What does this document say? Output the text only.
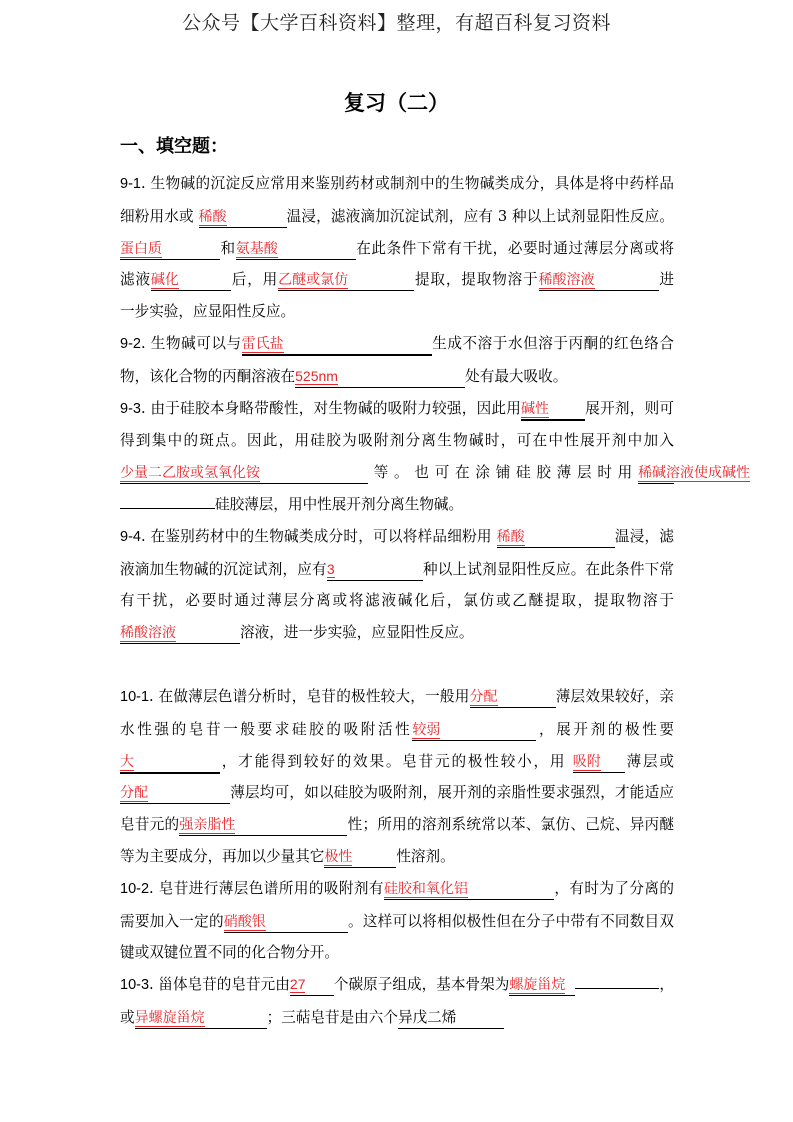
公众号【大学百科资料】整理，有超百科复习资料
复习（二）
一、填空题：

9-1. 生物碱的沉淀反应常用来鉴别药材或制剂中的生物碱类成分，具体是将中药样品细粉用水或 稀酸	温浸，滤液滴加沉淀试剂，应有 3 种以上试剂显阳性反应。蛋白质	和氨基酸	在此条件下常有干扰，必要时通过薄层分离或将滤液碱化	后，用乙醚或氯仿	提取，提取物溶于稀酸溶液	进一步实验，应显阳性反应。

9-2. 生物碱可以与雷氏盐	生成不溶于水但溶于丙酮的红色络合物，该化合物的丙酮溶液在525nm	处有最大吸收。

9-3. 由于硅胶本身略带酸性，对生物碱的吸附力较强，因此用碱性 展开剂，则可得到集中的斑点。因此，用硅胶为吸附剂分离生物碱时，可在中性展开剂中加入少量二乙胺或氢氧化铵	等。也可在涂铺硅胶薄层时用稀碱溶液使成碱性硅胶薄层，用中性展开剂分离生物碱。

9-4. 在鉴别药材中的生物碱类成分时，可以将样品细粉用 稀酸	温浸，滤液滴加生物碱的沉淀试剂，应有3	种以上试剂显阳性反应。在此条件下常有干扰，必要时通过薄层分离或将滤液碱化后，氯仿或乙醚提取，提取物溶于稀酸溶液	溶液，进一步实验，应显阳性反应。

10-1. 在做薄层色谱分析时，皂苷的极性较大，一般用分配	薄层效果较好，亲水性强的皂苷一般要求硅胶的吸附活性较弱	，展开剂的极性要大	，才能得到较好的效果。皂苷元的极性较小，用 吸附 薄层或分配	薄层均可，如以硅胶为吸附剂，展开剂的亲脂性要求强烈，才能适应皂苷元的强亲脂性	性；所用的溶剂系统常以苯、氯仿、己烷、异丙醚等为主要成分，再加以少量其它极性	性溶剂。

10-2. 皂苷进行薄层色谱所用的吸附剂有硅胶和氧化铝	，有时为了分离的需要加入一定的硝酸银	。这样可以将相似极性但在分子中带有不同数目双键或双键位置不同的化合物分开。

10-3. 甾体皂苷的皂苷元由27 个碳原子组成，基本骨架为螺旋甾烷	，或异螺旋甾烷	；三萜皂苷是由六个异戊二烯
